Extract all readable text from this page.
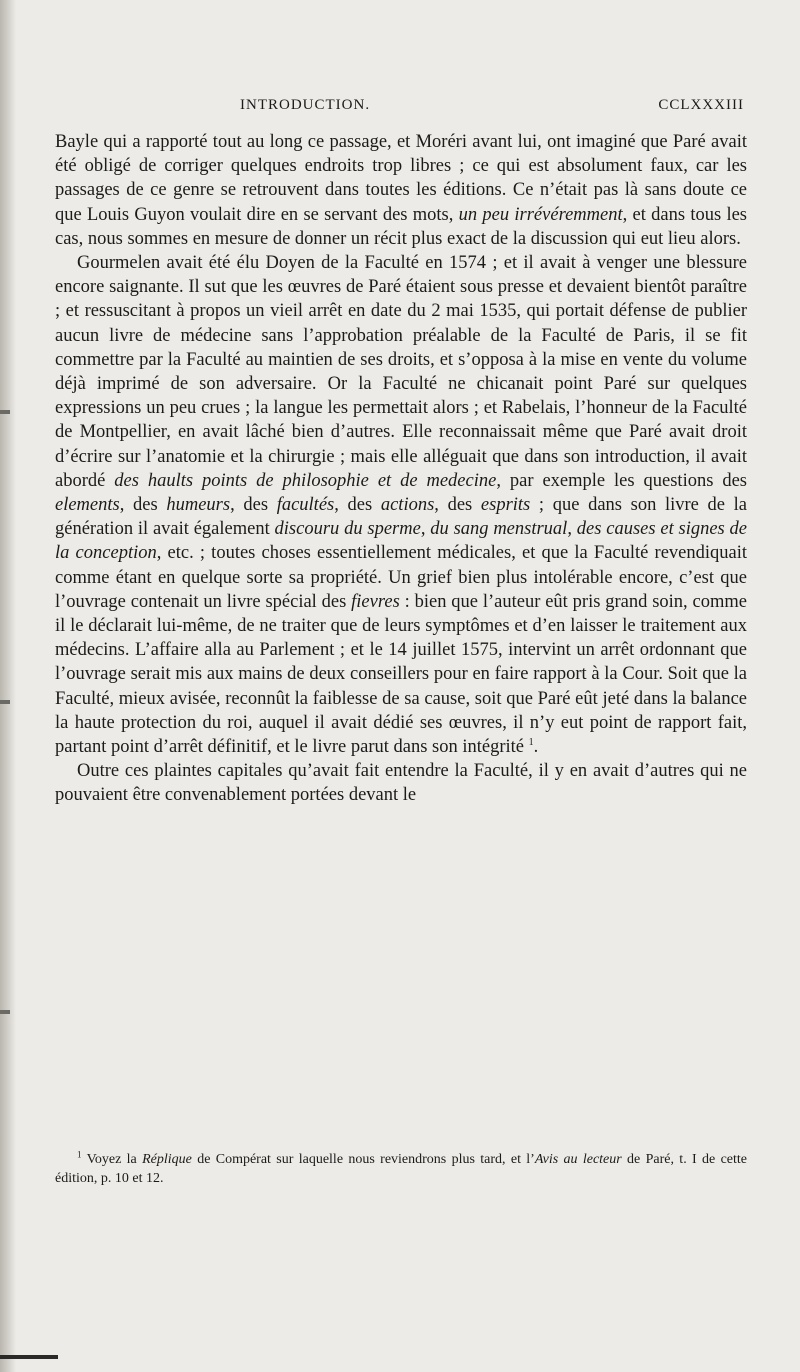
INTRODUCTION.	CCLXXXIII

Bayle qui a rapporté tout au long ce passage, et Moréri avant lui, ont imaginé que Paré avait été obligé de corriger quelques endroits trop libres ; ce qui est absolument faux, car les passages de ce genre se retrouvent dans toutes les éditions. Ce n’était pas là sans doute ce que Louis Guyon voulait dire en se servant des mots, un peu irrévéremment, et dans tous les cas, nous sommes en mesure de donner un récit plus exact de la discussion qui eut lieu alors.

Gourmelen avait été élu Doyen de la Faculté en 1574 ; et il avait à venger une blessure encore saignante. Il sut que les œuvres de Paré étaient sous presse et devaient bientôt paraître ; et ressuscitant à propos un vieil arrêt en date du 2 mai 1535, qui portait défense de publier aucun livre de médecine sans l’approbation préalable de la Faculté de Paris, il se fit commettre par la Faculté au maintien de ses droits, et s’opposa à la mise en vente du volume déjà imprimé de son adversaire. Or la Faculté ne chicanait point Paré sur quelques expressions un peu crues ; la langue les permettait alors ; et Rabelais, l’honneur de la Faculté de Montpellier, en avait lâché bien d’autres. Elle reconnaissait même que Paré avait droit d’écrire sur l’anatomie et la chirurgie ; mais elle alléguait que dans son introduction, il avait abordé des haults points de philosophie et de medecine, par exemple les questions des elements, des humeurs, des facultés, des actions, des esprits ; que dans son livre de la génération il avait également discouru du sperme, du sang menstrual, des causes et signes de la conception, etc. ; toutes choses essentiellement médicales, et que la Faculté revendiquait comme étant en quelque sorte sa propriété. Un grief bien plus intolérable encore, c’est que l’ouvrage contenait un livre spécial des fievres : bien que l’auteur eût pris grand soin, comme il le déclarait lui-même, de ne traiter que de leurs symptômes et d’en laisser le traitement aux médecins. L’affaire alla au Parlement ; et le 14 juillet 1575, intervint un arrêt ordonnant que l’ouvrage serait mis aux mains de deux conseillers pour en faire rapport à la Cour. Soit que la Faculté, mieux avisée, reconnût la faiblesse de sa cause, soit que Paré eût jeté dans la balance la haute protection du roi, auquel il avait dédié ses œuvres, il n’y eut point de rapport fait, partant point d’arrêt définitif, et le livre parut dans son intégrité $^1$.

Outre ces plaintes capitales qu’avait fait entendre la Faculté, il y en avait d’autres qui ne pouvaient être convenablement portées devant le

$^1$ Voyez la Réplique de Compérat sur laquelle nous reviendrons plus tard, et l’Avis au lecteur de Paré, t. I de cette édition, p. 10 et 12.
